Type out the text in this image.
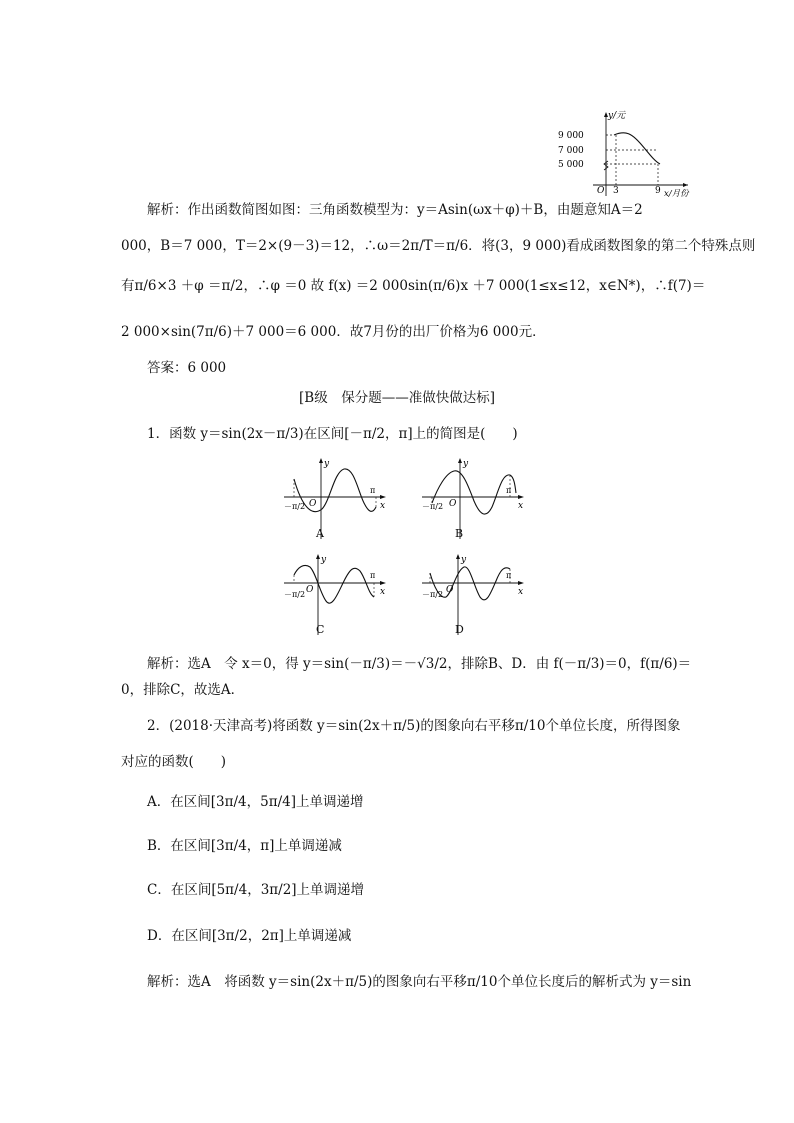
y/元
x/月份
O
9 000
7 000
5 000
3	9
解析：作出函数简图如图：三角函数模型为：y＝Asin(ωx＋φ)＋B，由题意知A＝2
000，B＝7 000，T＝2×(9－3)＝12，∴ω＝2π/T＝π/6．将(3，9 000)看成函数图象的第二个特殊点则
有π/6×3 ＋φ ＝π/2，∴φ ＝0 故 f(x) ＝2 000sin(π/6)x ＋7 000(1≤x≤12，x∈N*)，∴f(7)＝
2 000×sin(7π/6)＋7 000＝6 000．故7月份的出厂价格为6 000元．
答案：6 000
[B级　保分题——准做快做达标]
1．函数 y＝sin(2x－π/3)在区间[－π/2，π]上的简图是(　　)
y
x
O
－π/2
π
A
y
x
O
－π/2
π
B
y
x
O
－π/2
π
C
y
x
O
－π/2
π
D
解析：选A　令 x＝0，得 y＝sin(－π/3)＝－√3/2，排除B、D．由 f(－π/3)＝0，f(π/6)＝
0，排除C，故选A．
2．(2018·天津高考)将函数 y＝sin(2x＋π/5)的图象向右平移π/10个单位长度，所得图象
对应的函数(　　)
A．在区间[3π/4，5π/4]上单调递增
B．在区间[3π/4，π]上单调递减
C．在区间[5π/4，3π/2]上单调递增
D．在区间[3π/2，2π]上单调递减
解析：选A　将函数 y＝sin(2x＋π/5)的图象向右平移π/10个单位长度后的解析式为 y＝sin
